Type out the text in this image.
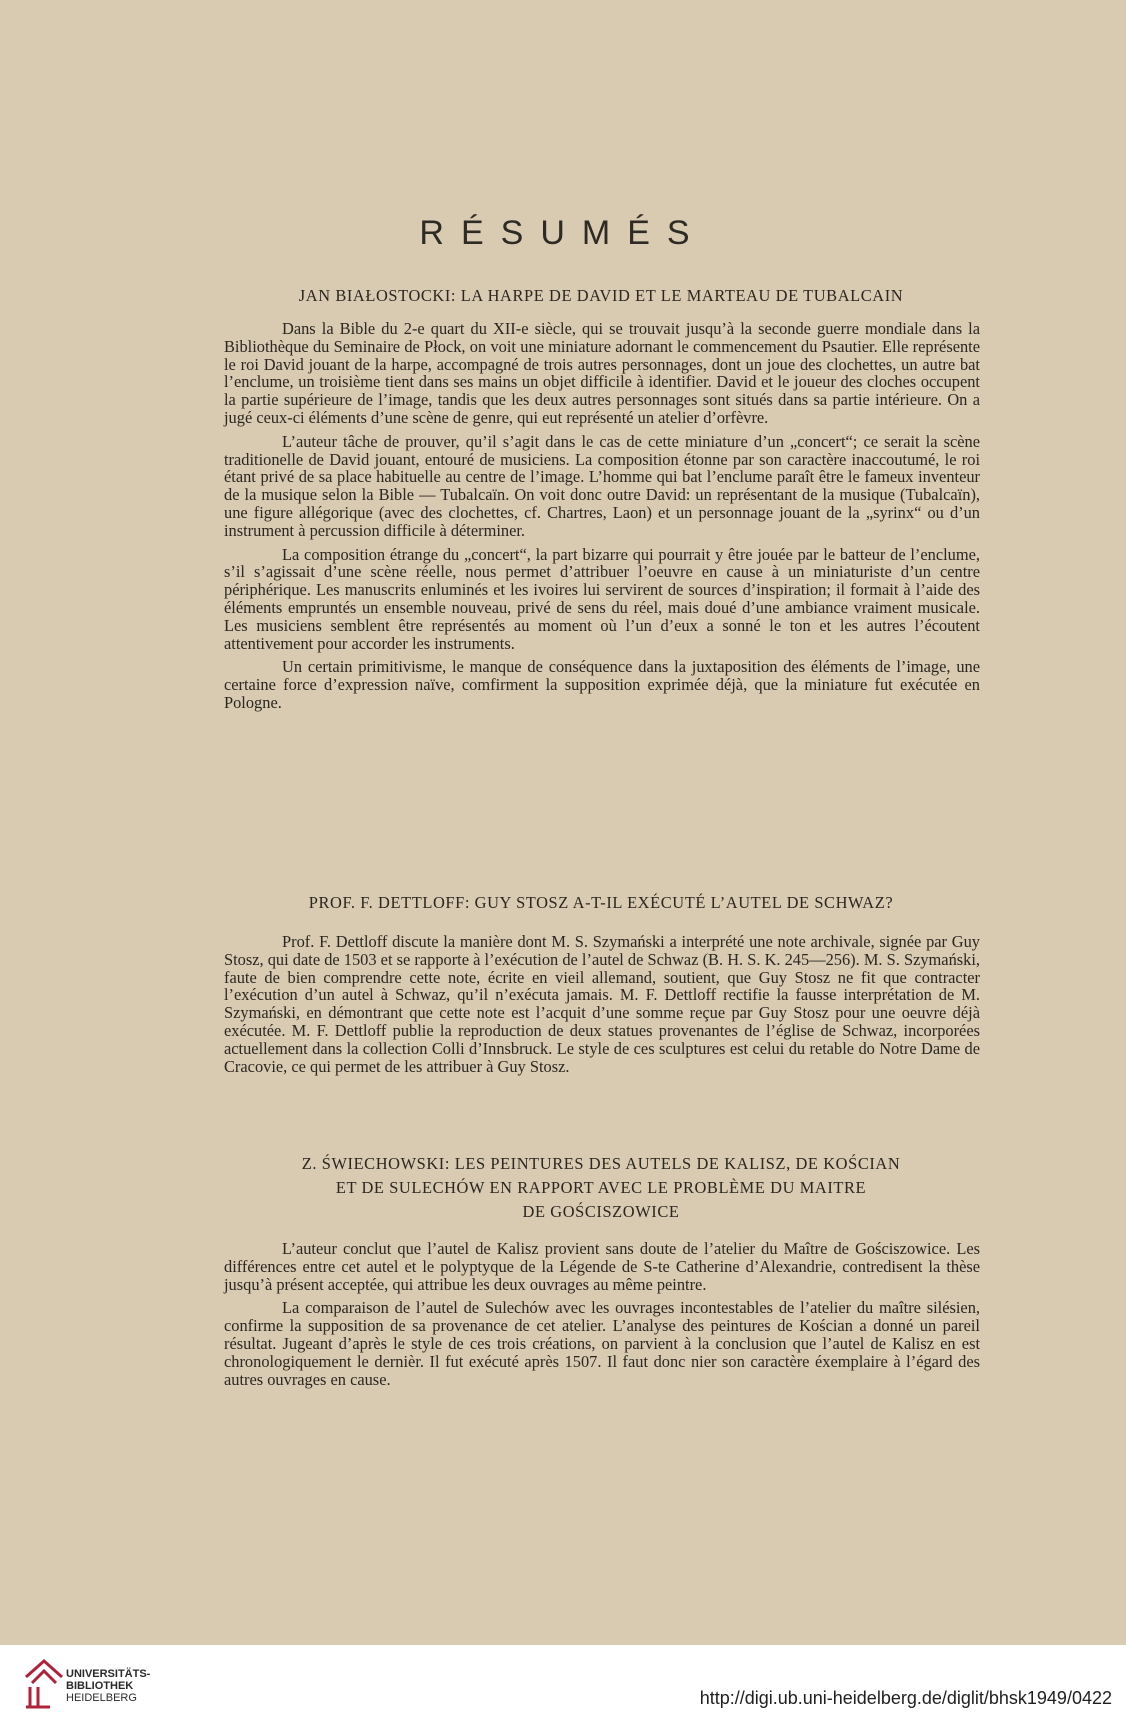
RÉSUMÉS
JAN BIAŁOSTOCKI: LA HARPE DE DAVID ET LE MARTEAU DE TUBALCAIN

Dans la Bible du 2-e quart du XII-e siècle, qui se trouvait jusqu’à la seconde guerre mondiale dans la Bibliothèque du Seminaire de Płock, on voit une miniature adornant le commencement du Psautier. Elle représente le roi David jouant de la harpe, accompagné de trois autres personnages, dont un joue des clochettes, un autre bat l’enclume, un troisième tient dans ses mains un objet difficile à identifier. David et le joueur des cloches occupent la partie supérieure de l’image, tandis que les deux autres personnages sont situés dans sa partie intérieure. On a jugé ceux-ci éléments d’une scène de genre, qui eut représenté un atelier d’orfèvre.

L’auteur tâche de prouver, qu’il s’agit dans le cas de cette miniature d’un „concert“; ce serait la scène traditionelle de David jouant, entouré de musiciens. La composition étonne par son caractère inaccoutumé, le roi étant privé de sa place habituelle au centre de l’image. L’homme qui bat l’enclume paraît être le fameux inventeur de la musique selon la Bible — Tubalcaïn. On voit donc outre David: un représentant de la musique (Tubalcaïn), une figure allégorique (avec des clochettes, cf. Chartres, Laon) et un personnage jouant de la „syrinx“ ou d’un instrument à percussion difficile à déterminer.

La composition étrange du „concert“, la part bizarre qui pourrait y être jouée par le batteur de l’enclume, s’il s’agissait d’une scène réelle, nous permet d’attribuer l’oeuvre en cause à un miniaturiste d’un centre périphérique. Les manuscrits enluminés et les ivoires lui servirent de sources d’inspiration; il formait à l’aide des éléments empruntés un ensemble nouveau, privé de sens du réel, mais doué d’une ambiance vraiment musicale. Les musiciens semblent être représentés au moment où l’un d’eux a sonné le ton et les autres l’écoutent attentivement pour accorder les instruments.

Un certain primitivisme, le manque de conséquence dans la juxtaposition des éléments de l’image, une certaine force d’expression naïve, comfirment la supposition exprimée déjà, que la miniature fut exécutée en Pologne.

PROF. F. DETTLOFF: GUY STOSZ A-T-IL EXÉCUTÉ L’AUTEL DE SCHWAZ?

Prof. F. Dettloff discute la manière dont M. S. Szymański a interprété une note archivale, signée par Guy Stosz, qui date de 1503 et se rapporte à l’exécution de l’autel de Schwaz (B. H. S. K. 245—256). M. S. Szymański, faute de bien comprendre cette note, écrite en vieil allemand, soutient, que Guy Stosz ne fit que contracter l’exécution d’un autel à Schwaz, qu’il n’exécuta jamais. M. F. Dettloff rectifie la fausse interprétation de M. Szymański, en démontrant que cette note est l’acquit d’une somme reçue par Guy Stosz pour une oeuvre déjà exécutée. M. F. Dettloff publie la reproduction de deux statues provenantes de l’église de Schwaz, incorporées actuellement dans la collection Colli d’Innsbruck. Le style de ces sculptures est celui du retable do Notre Dame de Cracovie, ce qui permet de les attribuer à Guy Stosz.

Z. ŚWIECHOWSKI: LES PEINTURES DES AUTELS DE KALISZ, DE KOŚCIAN
ET DE SULECHÓW EN RAPPORT AVEC LE PROBLÈME DU MAITRE
DE GOŚCISZOWICE

L’auteur conclut que l’autel de Kalisz provient sans doute de l’atelier du Maître de Gościszowice. Les différences entre cet autel et le polyptyque de la Légende de S-te Catherine d’Alexandrie, contredisent la thèse jusqu’à présent acceptée, qui attribue les deux ouvrages au même peintre.

La comparaison de l’autel de Sulechów avec les ouvrages incontestables de l’atelier du maître silésien, confirme la supposition de sa provenance de cet atelier. L’analyse des peintures de Kościan a donné un pareil résultat. Jugeant d’après le style de ces trois créations, on parvient à la conclusion que l’autel de Kalisz en est chronologiquement le dernièr. Il fut exécuté après 1507. Il faut donc nier son caractère éxemplaire à l’égard des autres ouvrages en cause.

UNIVERSITÄTS-
BIBLIOTHEK
HEIDELBERG	http://digi.ub.uni-heidelberg.de/diglit/bhsk1949/0422
